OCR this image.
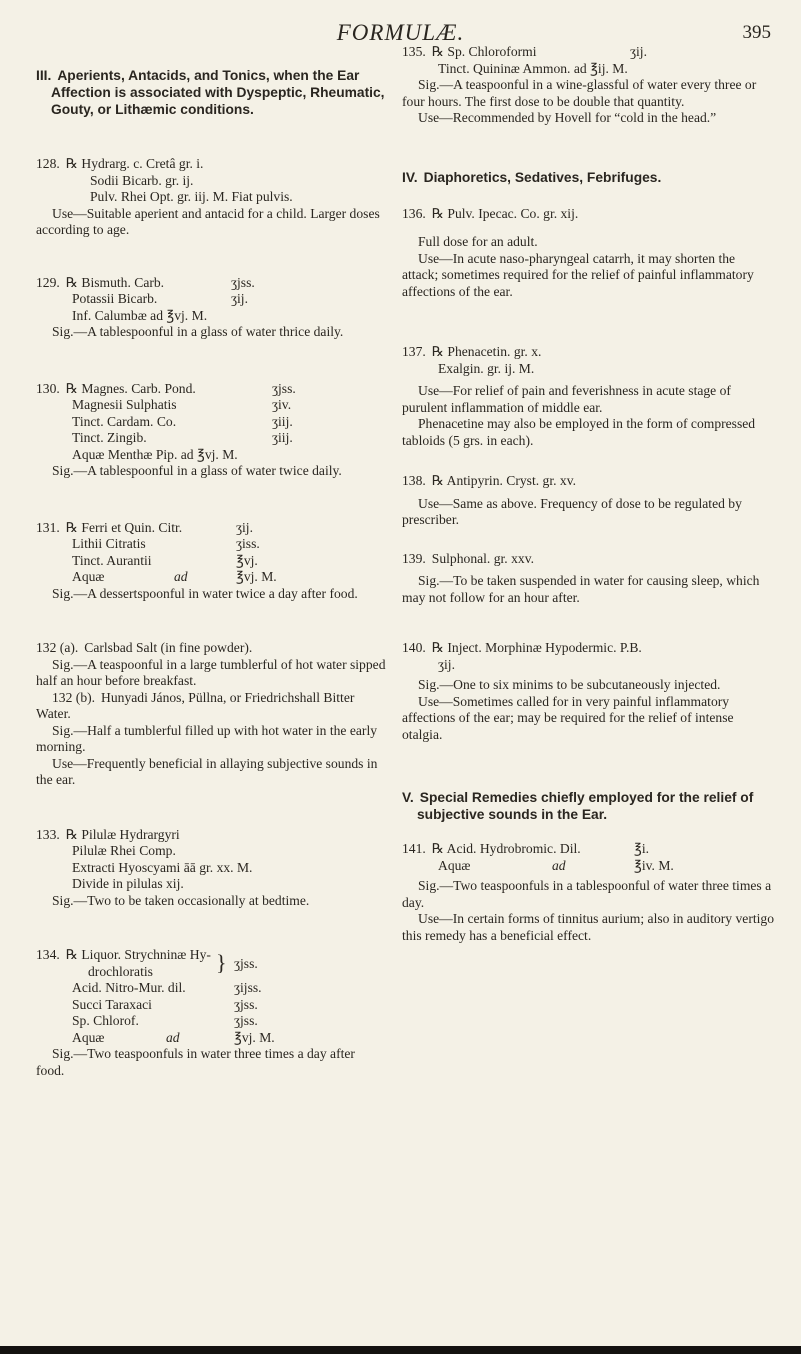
FORMULÆ.	395
III. Aperients, Antacids, and Tonics, when the Ear Affection is associated with Dyspeptic, Rheumatic, Gouty, or Lithæmic conditions.
128. ℞ Hydrarg. c. Cretâ gr. i.
Sodii Bicarb. gr. ij.
Pulv. Rhei Opt. gr. iij. M. Fiat pulvis.

Use—Suitable aperient and antacid for a child. Larger doses according to age.

129. ℞ Bismuth. Carb.	ʒjss.
Potassii Bicarb.	ʒij.
Inf. Calumbæ ad ℥vj. M.

Sig.—A tablespoonful in a glass of water thrice daily.

130. ℞ Magnes. Carb. Pond.	ʒjss.
Magnesii Sulphatis	ʒiv.
Tinct. Cardam. Co.	ʒiij.
Tinct. Zingib.	ʒiij.
Aquæ Menthæ Pip. ad ℥vj. M.

Sig.—A tablespoonful in a glass of water twice daily.

131. ℞ Ferri et Quin. Citr.	ʒij.
Lithii Citratis	ʒiss.
Tinct. Aurantii	℥vj.
Aquæ	ad	℥vj. M.

Sig.—A dessertspoonful in water twice a day after food.

132 (a). Carlsbad Salt (in fine powder).

Sig.—A teaspoonful in a large tumblerful of hot water sipped half an hour before breakfast.

132 (b). Hunyadi János, Püllna, or Friedrichshall Bitter Water.

Sig.—Half a tumblerful filled up with hot water in the early morning.

Use—Frequently beneficial in allaying subjective sounds in the ear.

133. ℞ Pilulæ Hydrargyri
Pilulæ Rhei Comp.
Extracti Hyoscyami āā gr. xx. M.
Divide in pilulas xij.

Sig.—Two to be taken occasionally at bedtime.

134. ℞ Liquor. Strychninæ Hy-
drochloratis	} ʒjss.
Acid. Nitro-Mur. dil.	ʒijss.
Succi Taraxaci	ʒjss.
Sp. Chlorof.	ʒjss.
Aquæ	ad	℥vj. M.

Sig.—Two teaspoonfuls in water three times a day after food.

135. ℞ Sp. Chloroformi	ʒij.
Tinct. Quininæ Ammon. ad ℥ij. M.

Sig.—A teaspoonful in a wine-glassful of water every three or four hours. The first dose to be double that quantity.

Use—Recommended by Hovell for “cold in the head.”

IV. Diaphoretics, Sedatives, Febrifuges.
136. ℞ Pulv. Ipecac. Co. gr. xij.

Full dose for an adult.

Use—In acute naso-pharyngeal catarrh, it may shorten the attack; sometimes required for the relief of painful inflammatory affections of the ear.

137. ℞ Phenacetin. gr. x.
Exalgin. gr. ij. M.

Use—For relief of pain and feverishness in acute stage of purulent inflammation of middle ear.

Phenacetine may also be employed in the form of compressed tabloids (5 grs. in each).

138. ℞ Antipyrin. Cryst. gr. xv.

Use—Same as above. Frequency of dose to be regulated by prescriber.

139. Sulphonal. gr. xxv.

Sig.—To be taken suspended in water for causing sleep, which may not follow for an hour after.

140. ℞ Inject. Morphinæ Hypodermic. P.B.
ʒij.

Sig.—One to six minims to be subcutaneously injected.

Use—Sometimes called for in very painful inflammatory affections of the ear; may be required for the relief of intense otalgia.

V. Special Remedies chiefly employed for the relief of subjective sounds in the Ear.
141. ℞ Acid. Hydrobromic. Dil.	℥i.
Aquæ	ad	℥iv. M.

Sig.—Two teaspoonfuls in a tablespoonful of water three times a day.

Use—In certain forms of tinnitus aurium; also in auditory vertigo this remedy has a beneficial effect.
